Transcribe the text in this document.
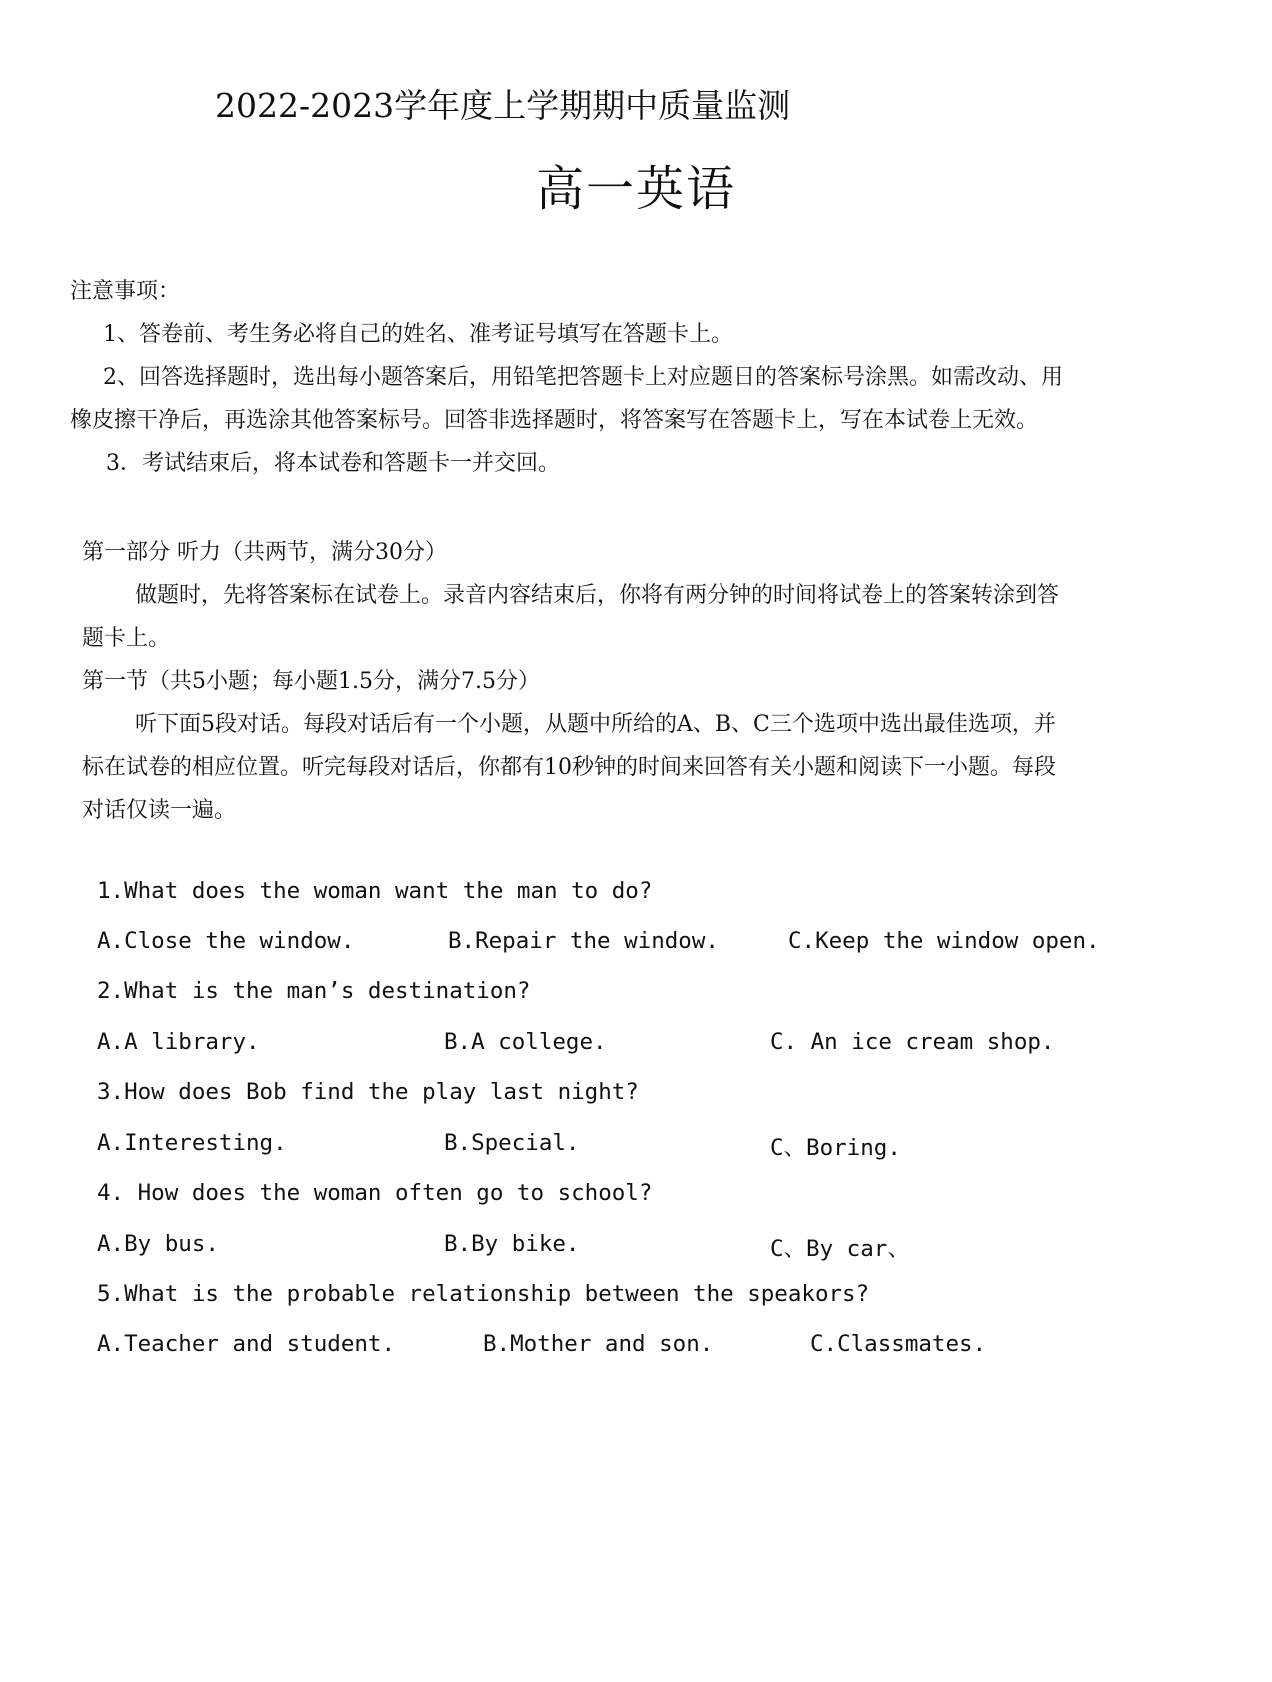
2022-2023学年度上学期期中质量监测
高一英语
注意事项：
1、答卷前、考生务必将自己的姓名、准考证号填写在答题卡上。
2、回答选择题时，选出每小题答案后，用铅笔把答题卡上对应题日的答案标号涂黑。如需改动、用
橡皮擦干净后，再选涂其他答案标号。回答非选择题时，将答案写在答题卡上，写在本试卷上无效。
3．考试结束后，将本试卷和答题卡一并交回。
第一部分 听力（共两节，满分30分）
做题时，先将答案标在试卷上。录音内容结束后，你将有两分钟的时间将试卷上的答案转涂到答
题卡上。
第一节（共5小题；每小题1.5分，满分7.5分）
听下面5段对话。每段对话后有一个小题，从题中所给的A、B、C三个选项中选出最佳选项，并
标在试卷的相应位置。听完每段对话后，你都有10秒钟的时间来回答有关小题和阅读下一小题。每段
对话仅读一遍。
1.What does the woman want the man to do?
A.Close the window.	B.Repair the window.	C.Keep the window open.
2.What is the man’s destination?
A.A library.	B.A college.	C. An ice cream shop.
3.How does Bob find the play last night?
A.Interesting.	B.Special.	C、Boring.
4. How does the woman often go to school?
A.By bus.	B.By bike.	C、By car、
5.What is the probable relationship between the speakors?
A.Teacher and student.	B.Mother and son.	C.Classmates.
